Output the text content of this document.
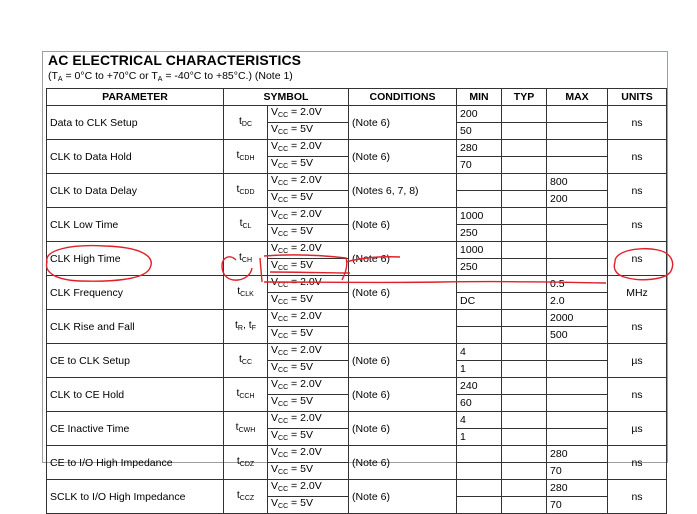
AC ELECTRICAL CHARACTERISTICS
($T_A = 0^\circ C$ to +70°C or $T_A = -40^\circ C$ to +85°C.) (Note 1)
PARAMETER	SYMBOL		CONDITIONS	MIN	TYP	MAX	UNITS
Data to CLK Setup	tDC	$V_{CC} = 2.0V$	(Note 6)	200			ns
		$V_{CC} = 5V$		50			
CLK to Data Hold	tCDH	$V_{CC} = 2.0V$	(Note 6)	280			ns
		$V_{CC} = 5V$		70			
CLK to Data Delay	tCDD	$V_{CC} = 2.0V$	(Notes 6, 7, 8)			800	ns
		$V_{CC} = 5V$				200	
CLK Low Time	tCL	$V_{CC} = 2.0V$	(Note 6)	1000			ns
		$V_{CC} = 5V$		250			
CLK High Time	tCH	$V_{CC} = 2.0V$	(Note 6)	1000			ns
		$V_{CC} = 5V$		250			
CLK Frequency	tCLK	$V_{CC} = 2.0V$	(Note 6)			0.5	MHz
		$V_{CC} = 5V$		DC		2.0	
CLK Rise and Fall	tR, tF	$V_{CC} = 2.0V$				2000	ns
		$V_{CC} = 5V$				500	
CE to CLK Setup	tCC	$V_{CC} = 2.0V$	(Note 6)	4			µs
		$V_{CC} = 5V$		1			
CLK to CE Hold	tCCH	$V_{CC} = 2.0V$	(Note 6)	240			ns
		$V_{CC} = 5V$		60			
CE Inactive Time	tCWH	$V_{CC} = 2.0V$	(Note 6)	4			µs
		$V_{CC} = 5V$		1			
CE to I/O High Impedance	tCDZ	$V_{CC} = 2.0V$	(Note 6)			280	ns
		$V_{CC} = 5V$				70	
SCLK to I/O High Impedance	tCCZ	$V_{CC} = 2.0V$	(Note 6)			280	ns
		$V_{CC} = 5V$				70	
